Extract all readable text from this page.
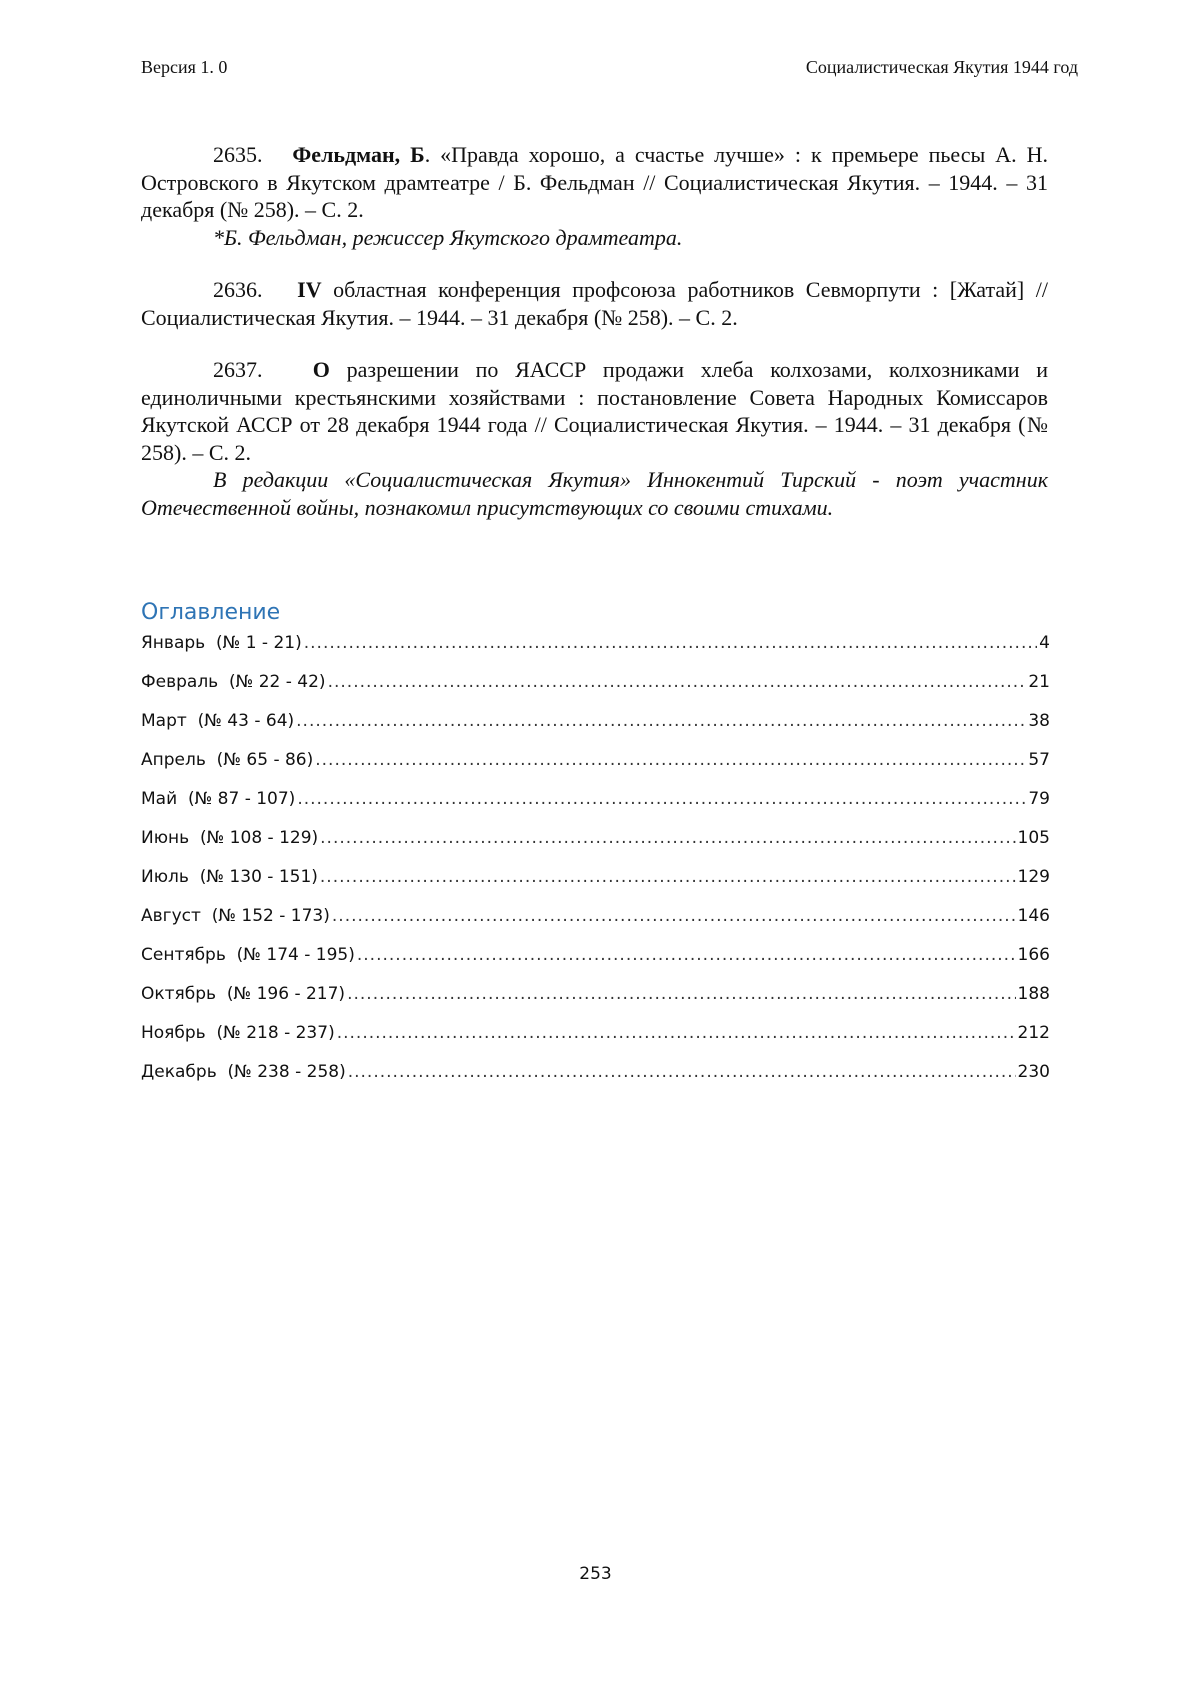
Версия 1. 0	Социалистическая Якутия 1944 год

2635. Фельдман, Б. «Правда хорошо, а счастье лучше» : к премьере пьесы А. Н. Островского в Якутском драмтеатре / Б. Фельдман // Социалистическая Якутия. – 1944. – 31 декабря (№ 258). – С. 2.
*Б. Фельдман, режиссер Якутского драмтеатра.

2636. IV областная конференция профсоюза работников Севморпути : [Жатай] // Социалистическая Якутия. – 1944. – 31 декабря (№ 258). – С. 2.

2637. О разрешении по ЯАССР продажи хлеба колхозами, колхозниками и единоличными крестьянскими хозяйствами : постановление Совета Народных Комиссаров Якутской АССР от 28 декабря 1944 года // Социалистическая Якутия. – 1944. – 31 декабря (№ 258). – С. 2.
В редакции «Социалистическая Якутия» Иннокентий Тирский - поэт участник Отечественной войны, познакомил присутствующих со своими стихами.

Оглавление
Январь  (№ 1 - 21) .....	4
Февраль  (№ 22 - 42) .....	21
Март  (№ 43 - 64) .....	38
Апрель  (№ 65 - 86) .....	57
Май  (№ 87 - 107) .....	79
Июнь  (№ 108 - 129) .....	105
Июль  (№ 130 - 151) .....	129
Август  (№ 152 - 173) .....	146
Сентябрь  (№ 174 - 195) .....	166
Октябрь  (№ 196 - 217) .....	188
Ноябрь  (№ 218 - 237) .....	212
Декабрь  (№ 238 - 258) .....	230
253
